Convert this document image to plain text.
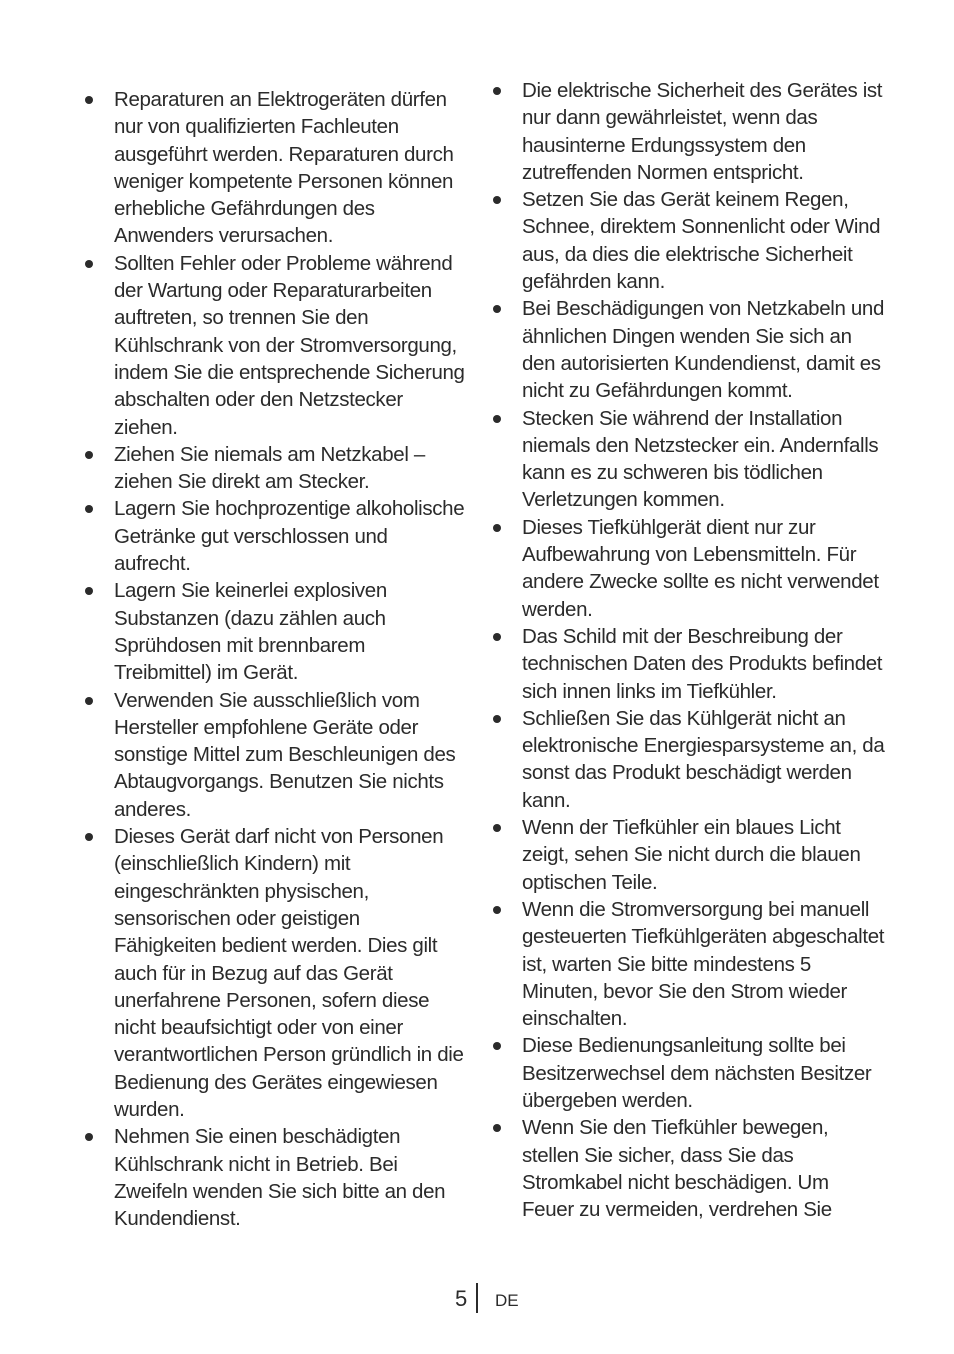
Reparaturen an Elektrogeräten dürfen nur von qualifizierten Fachleuten ausgeführt werden. Reparaturen durch weniger kompetente Personen können erhebliche Gefährdungen des Anwenders verursachen.
Sollten Fehler oder Probleme während der Wartung oder Reparaturarbeiten auftreten, so trennen Sie den Kühlschrank von der Stromversorgung, indem Sie die entsprechende Sicherung abschalten oder den Netzstecker ziehen.
Ziehen Sie niemals am Netzkabel – ziehen Sie direkt am Stecker.
Lagern Sie hochprozentige alkoholische Getränke gut verschlossen und aufrecht.
Lagern Sie keinerlei explosiven Substanzen (dazu zählen auch Sprühdosen mit brennbarem Treibmittel) im Gerät.
Verwenden Sie ausschließlich vom Hersteller empfohlene Geräte oder sonstige Mittel zum Beschleunigen des Abtaugvorgangs. Benutzen Sie nichts anderes.
Dieses Gerät darf nicht von Personen (einschließlich Kindern) mit eingeschränkten physischen, sensorischen oder geistigen Fähigkeiten bedient werden. Dies gilt auch für in Bezug auf das Gerät unerfahrene Personen, sofern diese nicht beaufsichtigt oder von einer verantwortlichen Person gründlich in die Bedienung des Gerätes eingewiesen wurden.
Nehmen Sie einen beschädigten Kühlschrank nicht in Betrieb. Bei Zweifeln wenden Sie sich bitte an den Kundendienst.
Die elektrische Sicherheit des Gerätes ist nur dann gewährleistet, wenn das hausinterne Erdungssystem den zutreffenden Normen entspricht.
Setzen Sie das Gerät keinem Regen, Schnee, direktem Sonnenlicht oder Wind aus, da dies die elektrische Sicherheit gefährden kann.
Bei Beschädigungen von Netzkabeln und ähnlichen Dingen wenden Sie sich an den autorisierten Kundendienst, damit es nicht zu Gefährdungen kommt.
Stecken Sie während der Installation niemals den Netzstecker ein. Andernfalls kann es zu schweren bis tödlichen Verletzungen kommen.
Dieses Tiefkühlgerät dient nur zur Aufbewahrung von Lebensmitteln. Für andere Zwecke sollte es nicht verwendet werden.
Das Schild mit der Beschreibung der technischen Daten des Produkts befindet sich innen links im Tiefkühler.
Schließen Sie das Kühlgerät nicht an elektronische Energiesparsysteme an, da sonst das Produkt beschädigt werden kann.
Wenn der Tiefkühler ein blaues Licht zeigt, sehen Sie nicht durch die blauen optischen Teile.
Wenn die Stromversorgung bei manuell gesteuerten Tiefkühlgeräten abgeschaltet ist, warten Sie bitte mindestens 5 Minuten, bevor Sie den Strom wieder einschalten.
Diese Bedienungsanleitung sollte bei Besitzerwechsel dem nächsten Besitzer übergeben werden.
Wenn Sie den Tiefkühler bewegen, stellen Sie sicher, dass Sie das Stromkabel nicht beschädigen. Um Feuer zu vermeiden, verdrehen Sie
5 DE
